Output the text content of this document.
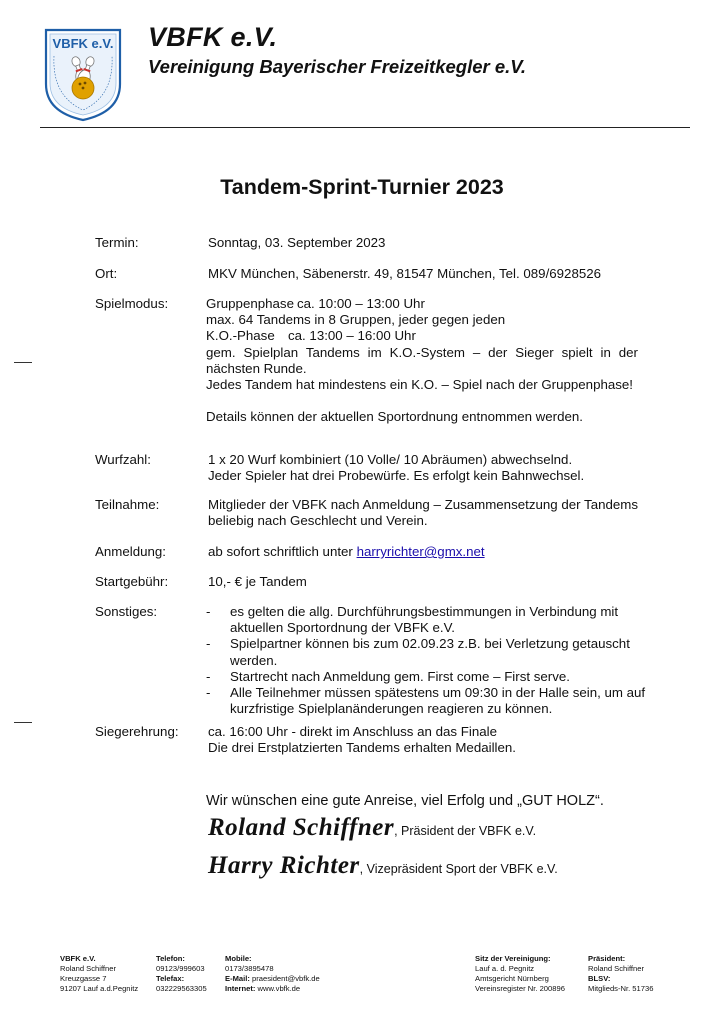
VBFK e.V. VBFK e.V.
Vereinigung Bayerischer Freizeitkegler e.V.
Tandem-Sprint-Turnier 2023
Termin:	Sonntag, 03. September 2023
Ort:	MKV München, Säbenerstr. 49, 81547 München, Tel. 089/6928526
Spielmodus:	Gruppenphase ca. 10:00 – 13:00 Uhr
max. 64 Tandems in 8 Gruppen, jeder gegen jeden
K.O.-Phase ca. 13:00 – 16:00 Uhr
gem. Spielplan Tandems im K.O.-System – der Sieger spielt in der nächsten Runde.
Jedes Tandem hat mindestens ein K.O. – Spiel nach der Gruppenphase!
Details können der aktuellen Sportordnung entnommen werden.
Wurfzahl:	1 x 20 Wurf kombiniert (10 Volle/ 10 Abräumen) abwechselnd.
Jeder Spieler hat drei Probewürfe. Es erfolgt kein Bahnwechsel.
Teilnahme:	Mitglieder der VBFK nach Anmeldung – Zusammensetzung der Tandems beliebig nach Geschlecht und Verein.
Anmeldung:	ab sofort schriftlich unter harryrichter@gmx.net
Startgebühr:	10,- € je Tandem
Sonstiges:
-	es gelten die allg. Durchführungsbestimmungen in Verbindung mit aktuellen Sportordnung der VBFK e.V.
- Spielpartner können bis zum 02.09.23 z.B. bei Verletzung getauscht werden.
- Startrecht nach Anmeldung gem. First come – First serve.
- Alle Teilnehmer müssen spätestens um 09:30 in der Halle sein, um auf kurzfristige Spielplanänderungen reagieren zu können.
Siegerehrung: ca. 16:00 Uhr - direkt im Anschluss an das Finale
Die drei Erstplatzierten Tandems erhalten Medaillen.
Wir wünschen eine gute Anreise, viel Erfolg und „GUT HOLZ“.
Roland Schiffner, Präsident der VBFK e.V.
Harry Richter, Vizepräsident Sport der VBFK e.V.
VBFK e.V.
Roland Schiffner
Kreuzgasse 7
91207 Lauf a.d.Pegnitz
Telefon:
09123/999603
Telefax:
032229563305
Mobile:
0173/3895478
E-Mail: praesident@vbfk.de
Internet: www.vbfk.de
Sitz der Vereinigung:
Lauf a. d. Pegnitz
Amtsgericht Nürnberg
Vereinsregister Nr. 200896
Präsident:
Roland Schiffner
BLSV:
Mitglieds-Nr. 51736
